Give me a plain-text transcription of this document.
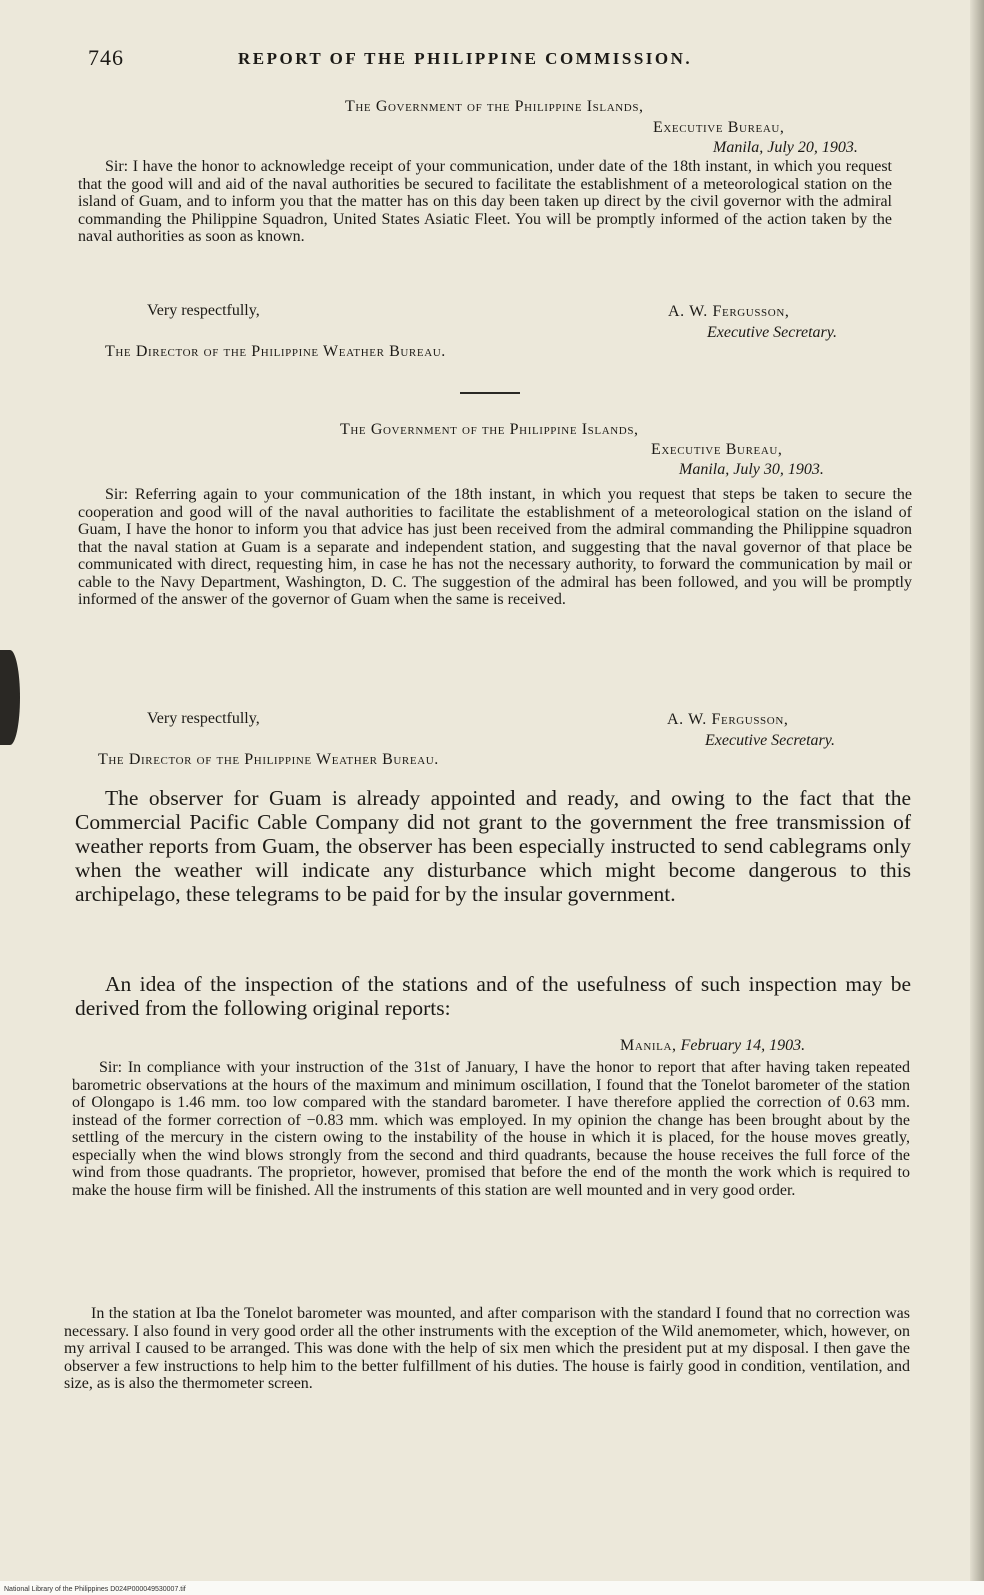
746	REPORT OF THE PHILIPPINE COMMISSION.
The Government of the Philippine Islands,
Executive Bureau,
Manila, July 20, 1903.

Sir: I have the honor to acknowledge receipt of your communication, under date of the 18th instant, in which you request that the good will and aid of the naval authorities be secured to facilitate the establishment of a meteorological station on the island of Guam, and to inform you that the matter has on this day been taken up direct by the civil governor with the admiral commanding the Philippine Squadron, United States Asiatic Fleet. You will be promptly informed of the action taken by the naval authorities as soon as known.

Very respectfully,	A. W. Fergusson,
Executive Secretary.
The Director of the Philippine Weather Bureau.
The Government of the Philippine Islands,
Executive Bureau,
Manila, July 30, 1903.

Sir: Referring again to your communication of the 18th instant, in which you request that steps be taken to secure the cooperation and good will of the naval authorities to facilitate the establishment of a meteorological station on the island of Guam, I have the honor to inform you that advice has just been received from the admiral commanding the Philippine squadron that the naval station at Guam is a separate and independent station, and suggesting that the naval governor of that place be communicated with direct, requesting him, in case he has not the necessary authority, to forward the communication by mail or cable to the Navy Department, Washington, D. C. The suggestion of the admiral has been followed, and you will be promptly informed of the answer of the governor of Guam when the same is received.

Very respectfully,	A. W. Fergusson,
Executive Secretary.
The Director of the Philippine Weather Bureau.

The observer for Guam is already appointed and ready, and owing to the fact that the Commercial Pacific Cable Company did not grant to the government the free transmission of weather reports from Guam, the observer has been especially instructed to send cablegrams only when the weather will indicate any disturbance which might become dangerous to this archipelago, these telegrams to be paid for by the insular government.

An idea of the inspection of the stations and of the usefulness of such inspection may be derived from the following original reports:

Manila, February 14, 1903.

Sir: In compliance with your instruction of the 31st of January, I have the honor to report that after having taken repeated barometric observations at the hours of the maximum and minimum oscillation, I found that the Tonelot barometer of the station of Olongapo is 1.46 mm. too low compared with the standard barometer. I have therefore applied the correction of 0.63 mm. instead of the former correction of −0.83 mm. which was employed. In my opinion the change has been brought about by the settling of the mercury in the cistern owing to the instability of the house in which it is placed, for the house moves greatly, especially when the wind blows strongly from the second and third quadrants, because the house receives the full force of the wind from those quadrants. The proprietor, however, promised that before the end of the month the work which is required to make the house firm will be finished. All the instruments of this station are well mounted and in very good order.

In the station at Iba the Tonelot barometer was mounted, and after comparison with the standard I found that no correction was necessary. I also found in very good order all the other instruments with the exception of the Wild anemometer, which, however, on my arrival I caused to be arranged. This was done with the help of six men which the president put at my disposal. I then gave the observer a few instructions to help him to the better fulfillment of his duties. The house is fairly good in condition, ventilation, and size, as is also the thermometer screen.

National Library of the Philippines D024P000049530007.tif
